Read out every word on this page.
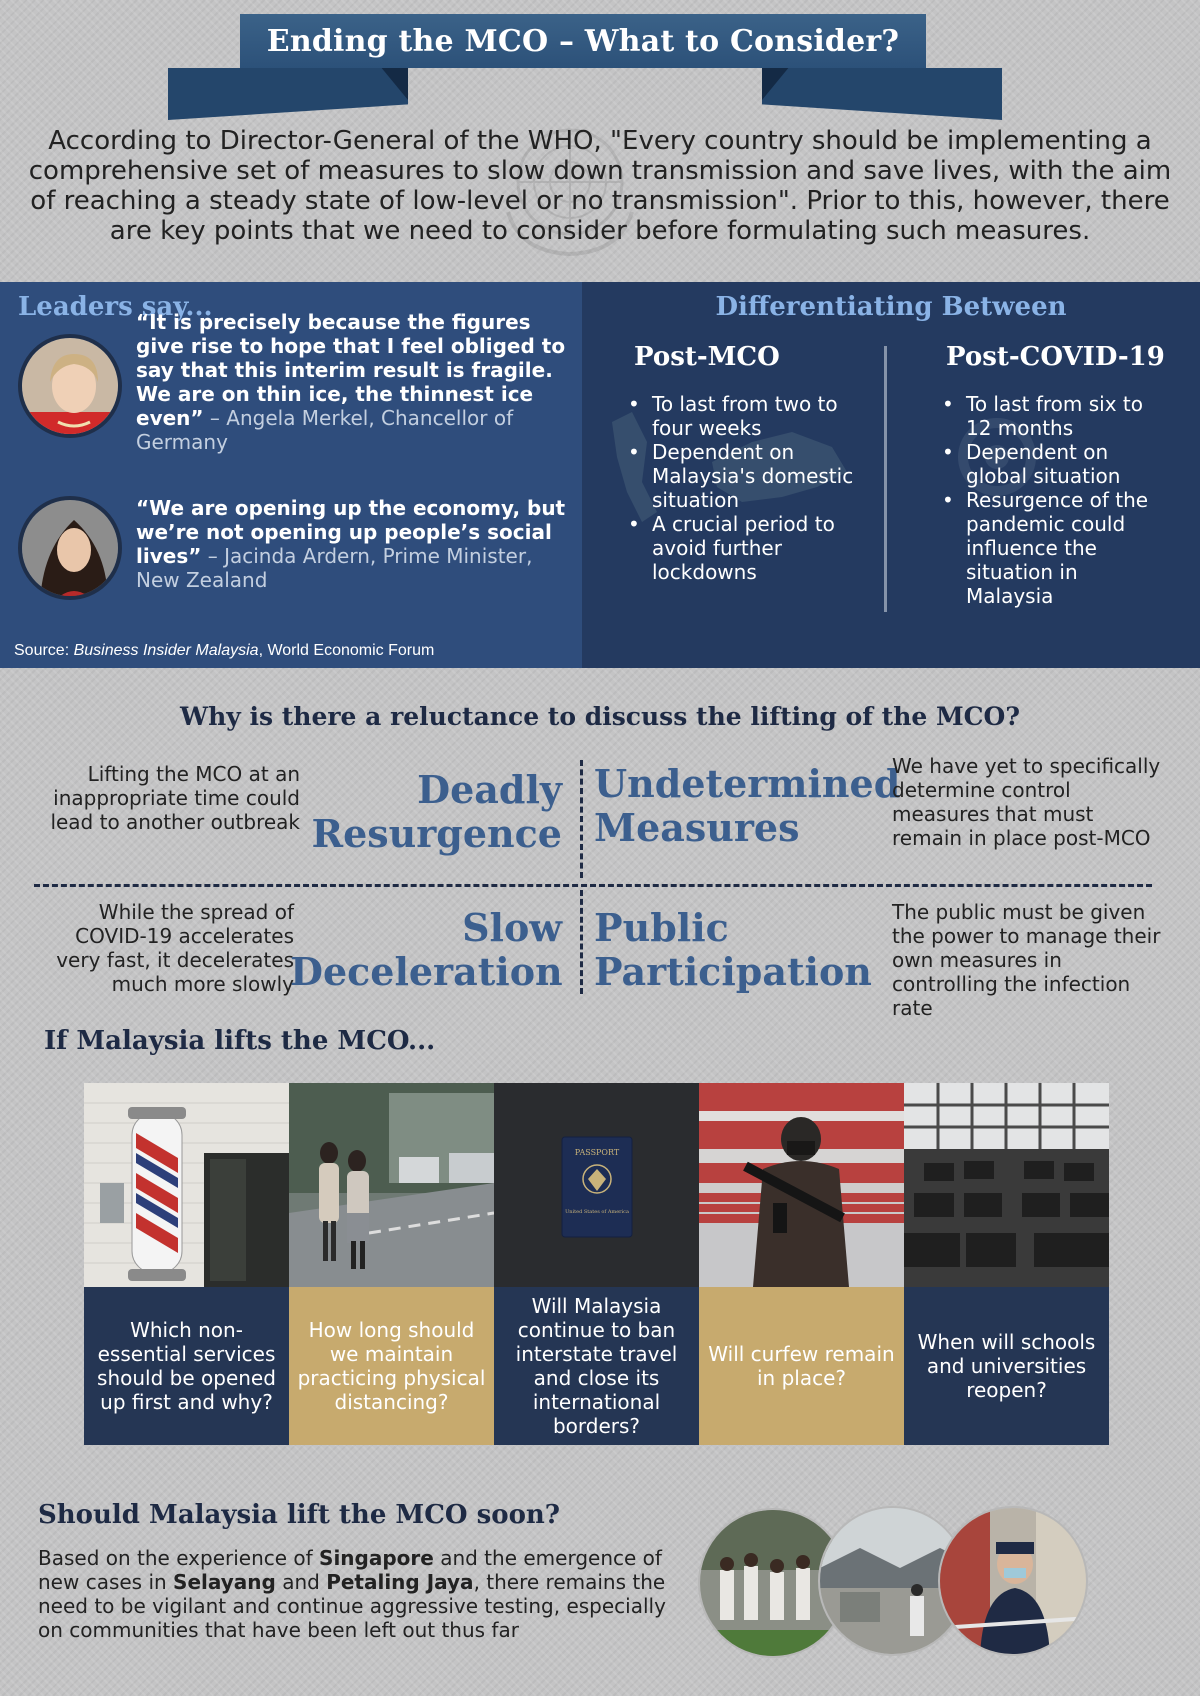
Ending the MCO – What to Consider?
According to Director-General of the WHO, "Every country should be implementing a comprehensive set of measures to slow down transmission and save lives, with the aim of reaching a steady state of low-level or no transmission". Prior to this, however, there are key points that we need to consider before formulating such measures.
Leaders say...
“It is precisely because the figures give rise to hope that I feel obliged to say that this interim result is fragile. We are on thin ice, the thinnest ice even” – Angela Merkel, Chancellor of Germany
“We are opening up the economy, but we’re not opening up people’s social lives” – Jacinda Ardern, Prime Minister, New Zealand
Source: Business Insider Malaysia, World Economic Forum
Differentiating Between
Post-MCO
• To last from two to four weeks
• Dependent on Malaysia's domestic situation
• A crucial period to avoid further lockdowns
Post-COVID-19
• To last from six to 12 months
• Dependent on global situation
• Resurgence of the pandemic could influence the situation in Malaysia
Why is there a reluctance to discuss the lifting of the MCO?
Lifting the MCO at an inappropriate time could lead to another outbreak
Deadly Resurgence
Undetermined Measures
We have yet to specifically determine control measures that must remain in place post-MCO
While the spread of COVID-19 accelerates very fast, it decelerates much more slowly
Slow Deceleration
Public Participation
The public must be given the power to manage their own measures in controlling the infection rate
If Malaysia lifts the MCO...
Which non-essential services should be opened up first and why?
How long should we maintain practicing physical distancing?
PASSPORT
United States of America
Will Malaysia continue to ban interstate travel and close its international borders?
Will curfew remain in place?
When will schools and universities reopen?
Should Malaysia lift the MCO soon?
Based on the experience of Singapore and the emergence of new cases in Selayang and Petaling Jaya, there remains the need to be vigilant and continue aggressive testing, especially on communities that have been left out thus far
